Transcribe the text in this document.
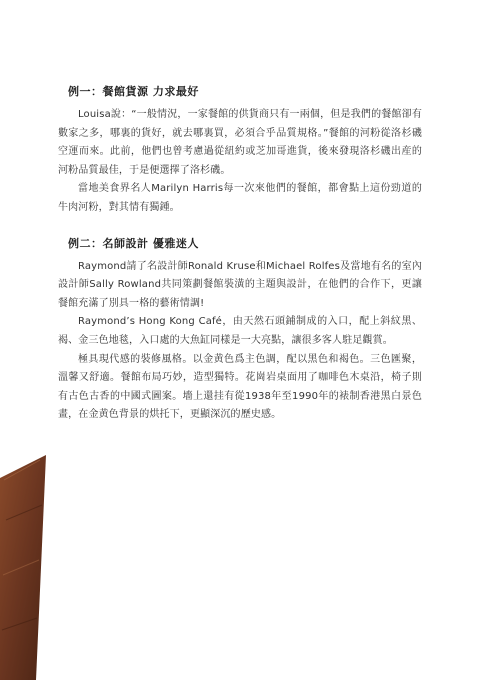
例一：餐館貨源 力求最好

Louisa說：“一般情況，一家餐館的供貨商只有一兩個，但是我們的餐館卻有數家之多，哪裏的貨好，就去哪裏買，必須合乎品質規格。”餐館的河粉從洛杉磯空運而來。此前，他們也曾考慮過從紐約或芝加哥進貨，後來發現洛杉磯出産的河粉品質最佳，于是便選擇了洛杉磯。

當地美食界名人Marilyn Harris每一次來他們的餐館，都會點上這份勁道的牛肉河粉，對其情有獨鍾。

例二：名師設計 優雅迷人

Raymond請了名設計師Ronald Kruse和Michael Rolfes及當地有名的室內設計師Sally Rowland共同策劃餐館裝潢的主題與設計，在他們的合作下，更讓餐館充滿了別具一格的藝術情調!

Raymond’s Hong Kong Café，由天然石頭鋪制成的入口，配上斜紋黑、褐、金三色地毯，入口處的大魚缸同樣是一大亮點，讓很多客人駐足觀賞。

極具現代感的裝修風格。以金黄色爲主色調，配以黑色和褐色。三色匯聚，溫馨又舒適。餐館布局巧妙，造型獨特。花崗岩桌面用了咖啡色木桌沿，椅子則有古色古香的中國式圖案。墻上還挂有從1938年至1990年的裱制香港黑白景色畫，在金黄色背景的烘托下，更顯深沉的歷史感。
